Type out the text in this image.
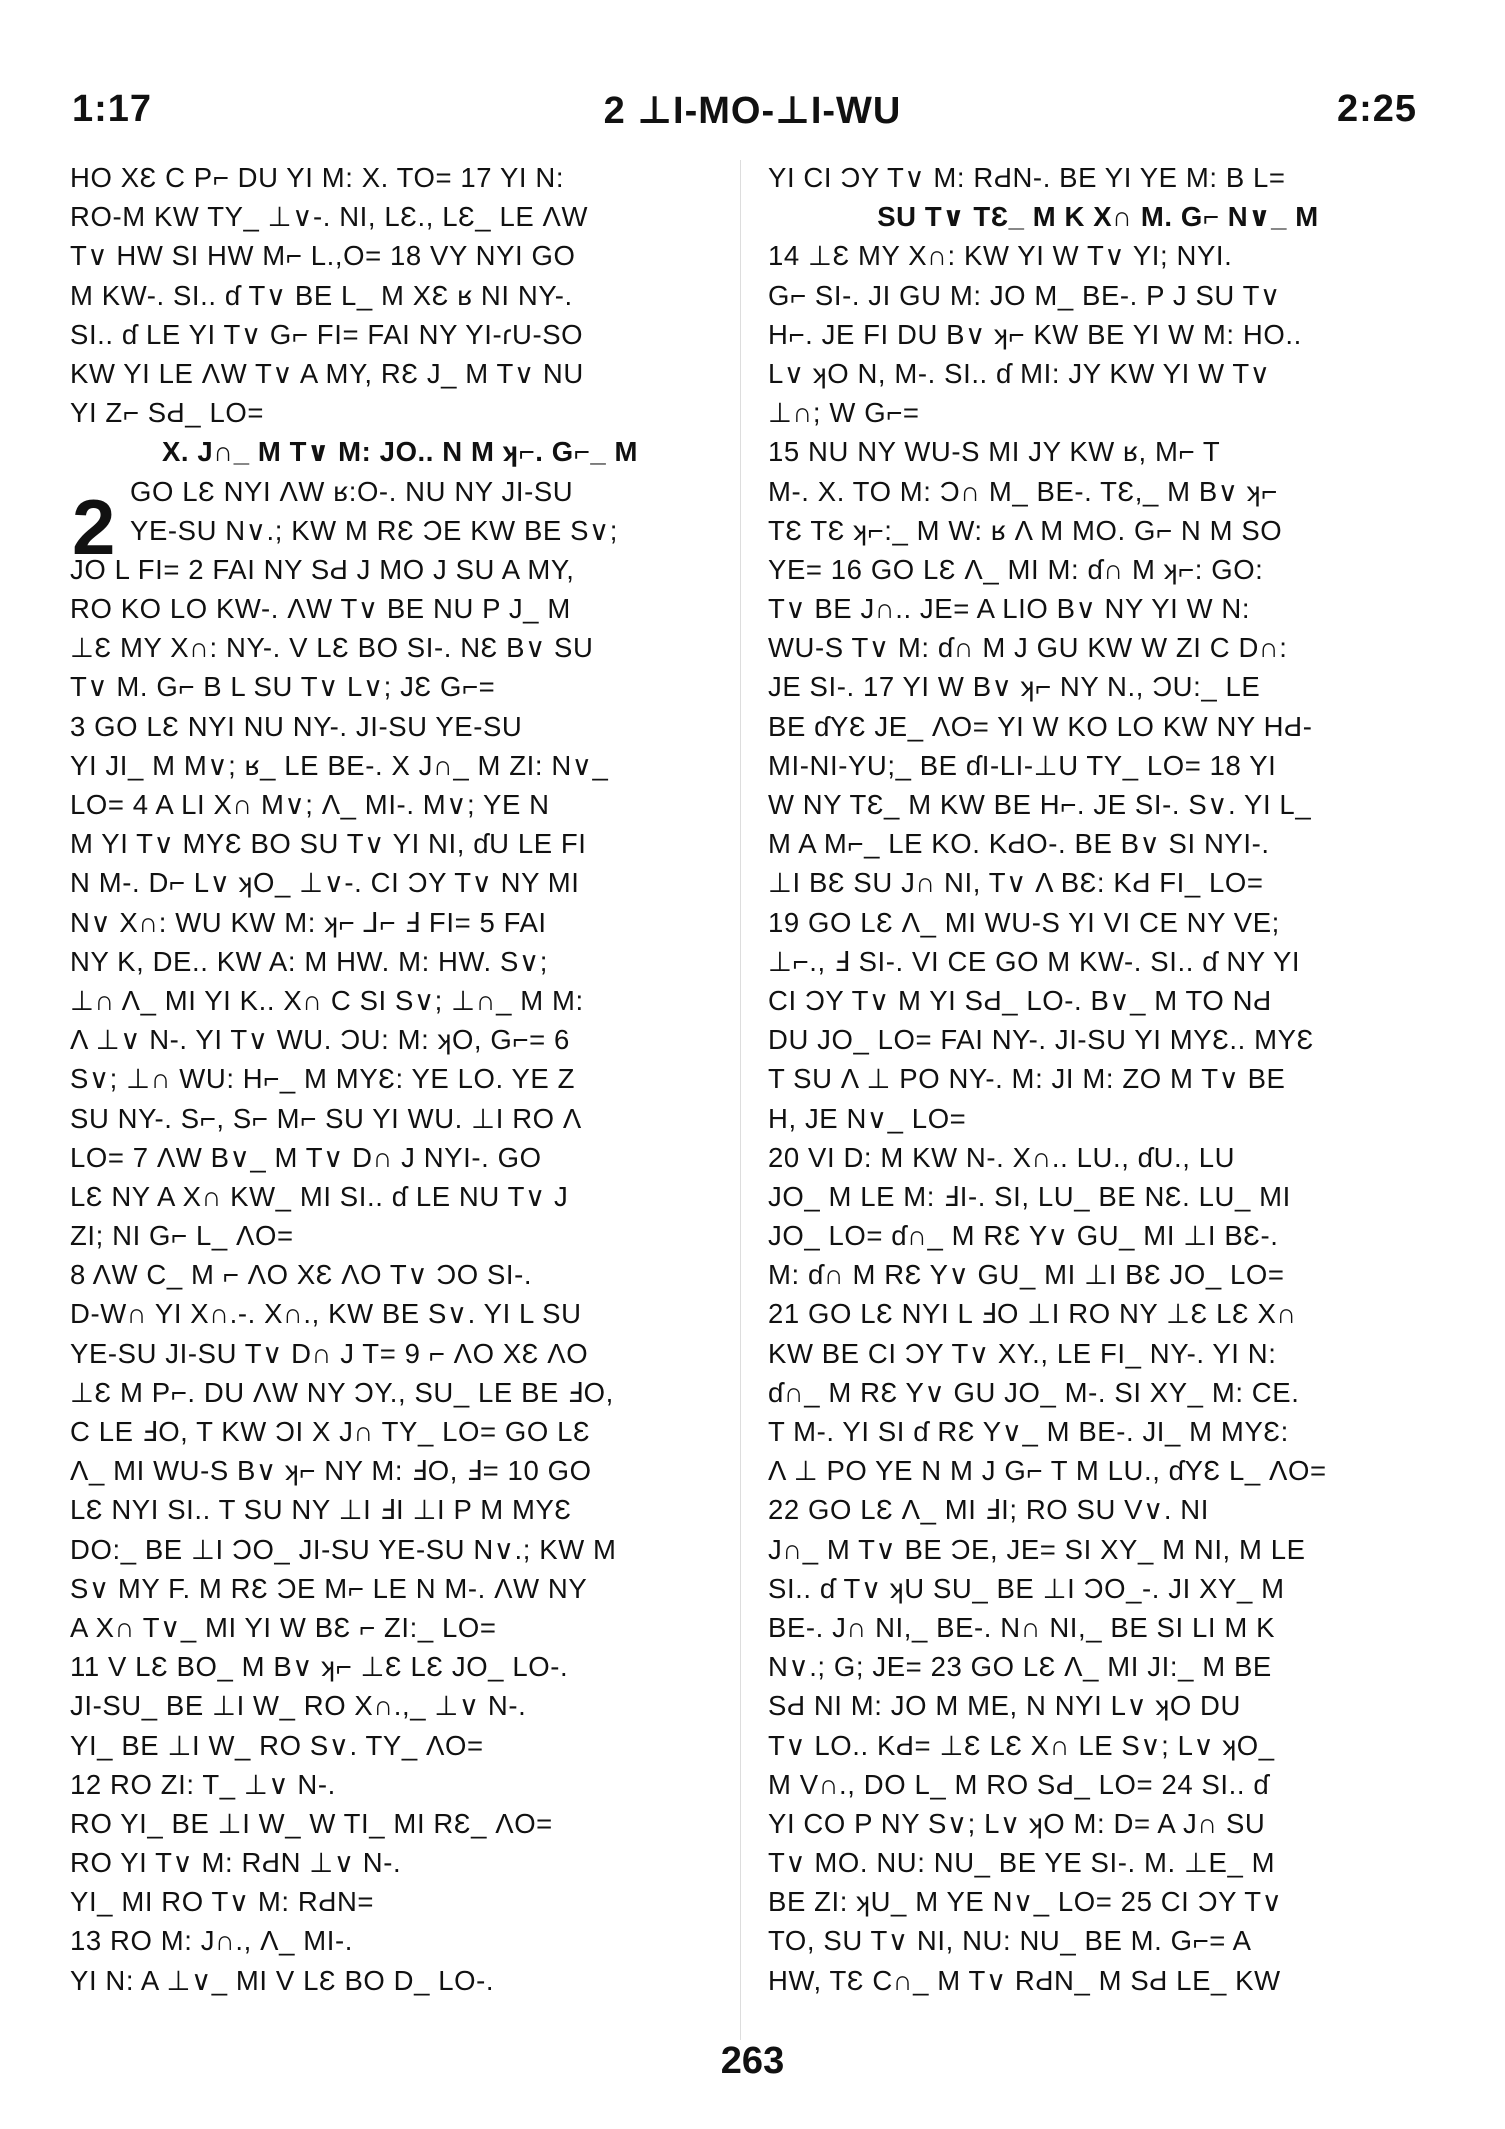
1:17	2 ⊥I-MO-⊥I-WU	2:25
HO XƐ C P⌐ DU YI M: X. TO= 17 YI N:
RO-M KW TY_ ⊥∨-. NI, LƐ., LƐ_ LE ΛW
T∨ HW SI HW M⌐ L.,O= 18 VY NYI GO
M KW-. SI.. ɗ T∨ BE L_ M XƐ ʁ NI NY-.
SI.. ɗ LE YI T∨ G⌐ FI= FAI NY YI-ɾU-SO
KW YI LE ΛW T∨ A MY, RƐ J_ M T∨ NU
YI Z⌐ SԀ_ LO=
X. J∩_ M T∨ M: JO.. N M ʞ⌐. G⌐_ M
GO LƐ NYI ΛW ʁ:O-. NU NY JI-SU
YE-SU N∨.; KW M RƐ ƆE KW BE S∨;
JO L FI= 2 FAI NY SԀ J MO J SU A MY,
RO KO LO KW-. ΛW T∨ BE NU P J_ M
⊥Ɛ MY X∩: NY-. V LƐ BO SI-. NƐ B∨ SU
T∨ M. G⌐ B L SU T∨ L∨; JƐ G⌐=
3 GO LƐ NYI NU NY-. JI-SU YE-SU
YI JI_ M M∨; ʁ_ LE BE-. X J∩_ M ZI: N∨_
LO= 4 A LI X∩ M∨; Λ_ MI-. M∨; YE N
M YI T∨ MYƐ BO SU T∨ YI NI, ɗU LE FI
N M-. D⌐ L∨ ʞO_ ⊥∨-. CI ƆY T∨ NY MI
N∨ X∩: WU KW M: ʞ⌐ ⅃⌐ Ⅎ FI= 5 FAI
NY K, DE.. KW A: M HW. M: HW. S∨;
⊥∩ Λ_ MI YI K.. X∩ C SI S∨; ⊥∩_ M M:
Λ ⊥∨ N-. YI T∨ WU. ƆU: M: ʞO, G⌐= 6
S∨; ⊥∩ WU: H⌐_ M MYƐ: YE LO. YE Z
SU NY-. S⌐, S⌐ M⌐ SU YI WU. ⊥I RO Λ
LO= 7 ΛW B∨_ M T∨ D∩ J NYI-. GO
LƐ NY A X∩ KW_ MI SI.. ɗ LE NU T∨ J
ZI; NI G⌐ L_ ΛO=
8 ΛW C_ M ⌐ ΛO XƐ ΛO T∨ ƆO SI-.
D-W∩ YI X∩.-. X∩., KW BE S∨. YI L SU
YE-SU JI-SU T∨ D∩ J T= 9 ⌐ ΛO XƐ ΛO
⊥Ɛ M P⌐. DU ΛW NY ƆY., SU_ LE BE ℲO,
C LE ℲO, T KW ƆI X J∩ TY_ LO= GO LƐ
Λ_ MI WU-S B∨ ʞ⌐ NY M: ℲO, Ⅎ= 10 GO
LƐ NYI SI.. T SU NY ⊥I ℲI ⊥I P M MYƐ
DO:_ BE ⊥I ƆO_ JI-SU YE-SU N∨.; KW M
S∨ MY F. M RƐ ƆE M⌐ LE N M-. ΛW NY
A X∩ T∨_ MI YI W BƐ ⌐ ZI:_ LO=
11 V LƐ BO_ M B∨ ʞ⌐ ⊥Ɛ LƐ JO_ LO-.
JI-SU_ BE ⊥I W_ RO X∩.,_ ⊥∨ N-.
YI_ BE ⊥I W_ RO S∨. TY_ ΛO=
12 RO ZI: T_ ⊥∨ N-.
RO YI_ BE ⊥I W_ W TI_ MI RƐ_ ΛO=
RO YI T∨ M: RԀN ⊥∨ N-.
YI_ MI RO T∨ M: RԀN=
13 RO M: J∩., Λ_ MI-.
YI N: A ⊥∨_ MI V LƐ BO D_ LO-.
YI CI ƆY T∨ M: RԀN-. BE YI YE M: B L=
SU T∨ TƐ_ M K X∩ M. G⌐ N∨_ M
14 ⊥Ɛ MY X∩: KW YI W T∨ YI; NYI.
G⌐ SI-. JI GU M: JO M_ BE-. P J SU T∨
H⌐. JE FI DU B∨ ʞ⌐ KW BE YI W M: HO..
L∨ ʞO N, M-. SI.. ɗ MI: JY KW YI W T∨
⊥∩; W G⌐=
15 NU NY WU-S MI JY KW ʁ, M⌐ T
M-. X. TO M: Ɔ∩ M_ BE-. TƐ,_ M B∨ ʞ⌐
TƐ TƐ ʞ⌐:_ M W: ʁ Λ M MO. G⌐ N M SO
YE= 16 GO LƐ Λ_ MI M: ɗ∩ M ʞ⌐: GO:
T∨ BE J∩.. JE= A LIO B∨ NY YI W N:
WU-S T∨ M: ɗ∩ M J GU KW W ZI C D∩:
JE SI-. 17 YI W B∨ ʞ⌐ NY N., ƆU:_ LE
BE ɗYƐ JE_ ΛO= YI W KO LO KW NY HԀ-
MI-NI-YU;_ BE ɗI-LI-⊥U TY_ LO= 18 YI
W NY TƐ_ M KW BE H⌐. JE SI-. S∨. YI L_
M A M⌐_ LE KO. KԀO-. BE B∨ SI NYI-.
⊥I BƐ SU J∩ NI, T∨ Λ BƐ: KԀ FI_ LO=
19 GO LƐ Λ_ MI WU-S YI VI CE NY VE;
⊥⌐., Ⅎ SI-. VI CE GO M KW-. SI.. ɗ NY YI
CI ƆY T∨ M YI SԀ_ LO-. B∨_ M TO NԀ
DU JO_ LO= FAI NY-. JI-SU YI MYƐ.. MYƐ
T SU Λ ⊥ PO NY-. M: JI M: ZO M T∨ BE
H, JE N∨_ LO=
20 VI D: M KW N-. X∩.. LU., ɗU., LU
JO_ M LE M: ℲI-. SI, LU_ BE NƐ. LU_ MI
JO_ LO= ɗ∩_ M RƐ Y∨ GU_ MI ⊥I BƐ-.
M: ɗ∩ M RƐ Y∨ GU_ MI ⊥I BƐ JO_ LO=
21 GO LƐ NYI L ℲO ⊥I RO NY ⊥Ɛ LƐ X∩
KW BE CI ƆY T∨ XY., LE FI_ NY-. YI N:
ɗ∩_ M RƐ Y∨ GU JO_ M-. SI XY_ M: CE.
T M-. YI SI ɗ RƐ Y∨_ M BE-. JI_ M MYƐ:
Λ ⊥ PO YE N M J G⌐ T M LU., ɗYƐ L_ ΛO=
22 GO LƐ Λ_ MI ℲI; RO SU V∨. NI
J∩_ M T∨ BE ƆE, JE= SI XY_ M NI, M LE
SI.. ɗ T∨ ʞU SU_ BE ⊥I ƆO_-. JI XY_ M
BE-. J∩ NI,_ BE-. N∩ NI,_ BE SI LI M K
N∨.; G; JE= 23 GO LƐ Λ_ MI JI:_ M BE
SԀ NI M: JO M ME, N NYI L∨ ʞO DU
T∨ LO.. KԀ= ⊥Ɛ LƐ X∩ LE S∨; L∨ ʞO_
M V∩., DO L_ M RO SԀ_ LO= 24 SI.. ɗ
YI CO P NY S∨; L∨ ʞO M: D= A J∩ SU
T∨ MO. NU: NU_ BE YE SI-. M. ⊥E_ M
BE ZI: ʞU_ M YE N∨_ LO= 25 CI ƆY T∨
TO, SU T∨ NI, NU: NU_ BE M. G⌐= A
HW, TƐ C∩_ M T∨ RԀN_ M SԀ LE_ KW
2
263
